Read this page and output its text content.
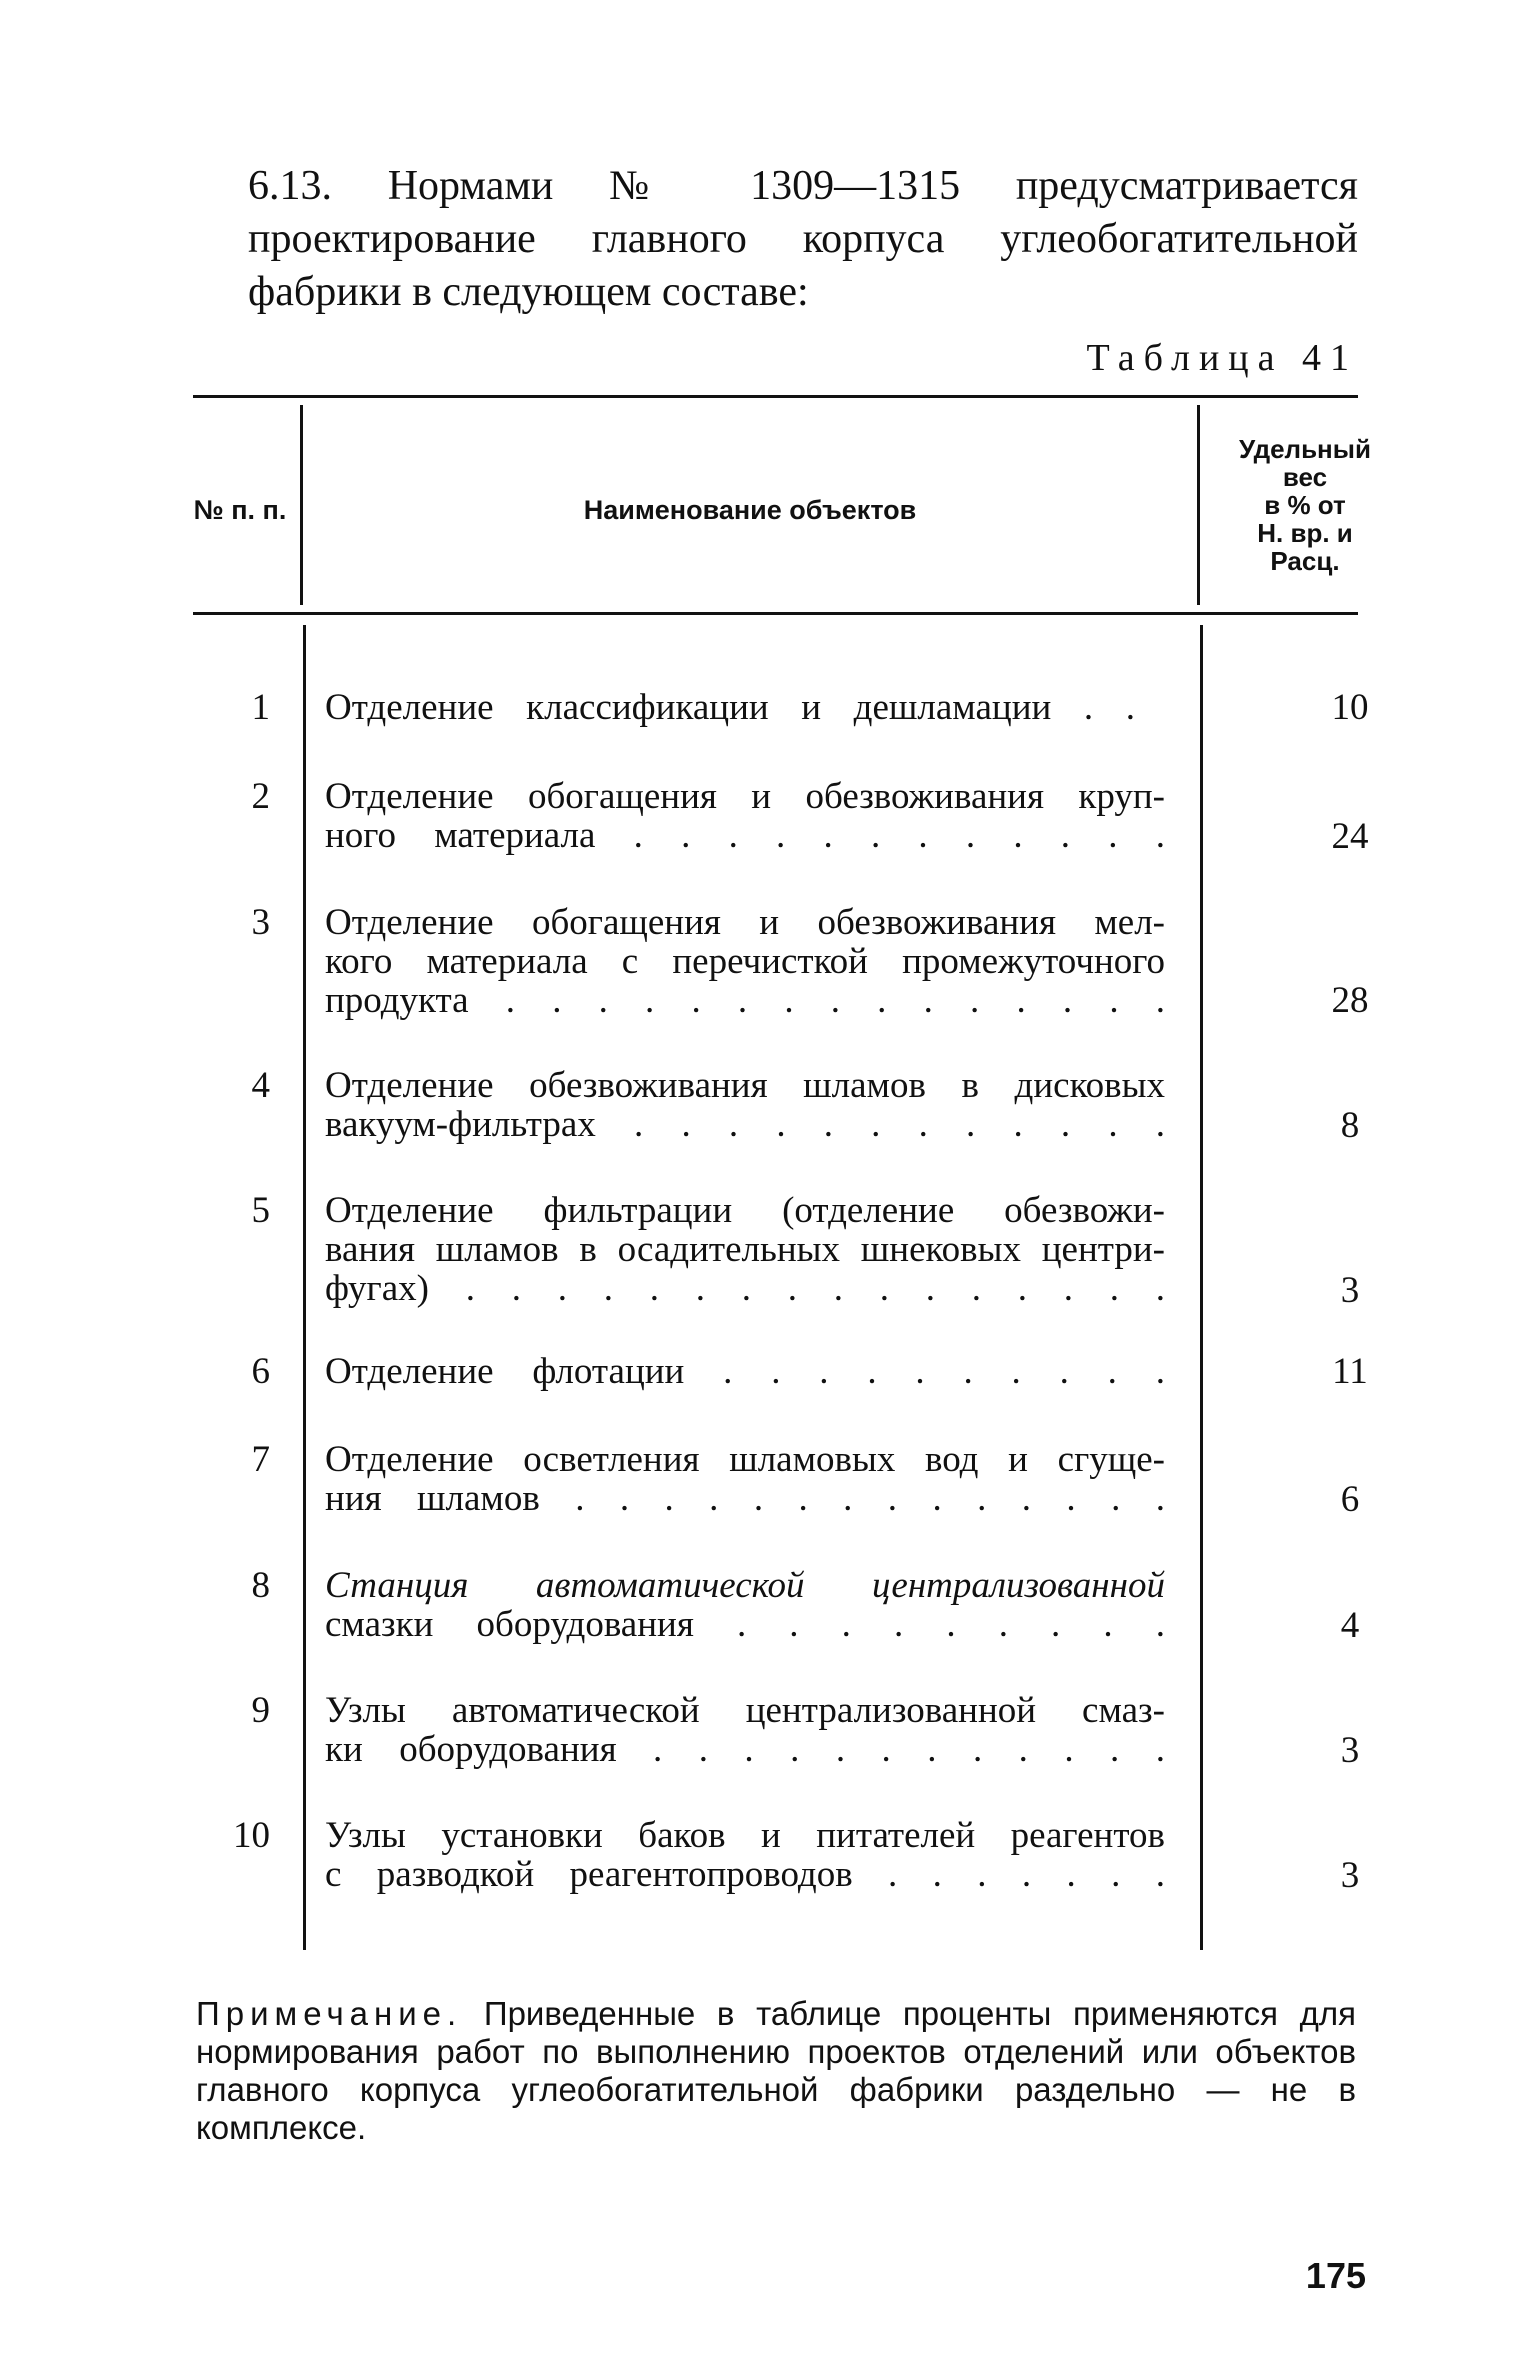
6.13. Нормами № 1309—1315 предусматривается проектирование главного корпуса углеобогатительной фабрики в следующем составе:
Таблица 41
№ п. п.	Наименование объектов
Удельный
вес
в % от
Н. вр. и
Расц.
1 Отделение классификации и дешламации . .	10
2 Отделение обогащения и обезвоживания круп-
ного материала . . . . . . . . . . . .	24
3 Отделение обогащения и обезвоживания мел-
кого материала с перечисткой промежуточного
продукта . . . . . . . . . . . . . . .	28
4 Отделение обезвоживания шламов в дисковых
вакуум-фильтрах . . . . . . . . . . . .	8
5 Отделение фильтрации (отделение обезвожи-
вания шламов в осадительных шнековых центри-
фугах) . . . . . . . . . . . . . . . .	3
6 Отделение флотации . . . . . . . . . .	11
7 Отделение осветления шламовых вод и сгуще-
ния шламов . . . . . . . . . . . . . .	6
8 Станция автоматической централизованной
смазки оборудования . . . . . . . . .	4
9 Узлы автоматической централизованной смаз-
ки оборудования . . . . . . . . . . . .	3
10 Узлы установки баков и питателей реагентов
с разводкой реагентопроводов . . . . . . .	3
Примечание. Приведенные в таблице проценты применяются для нормирования работ по выполнению проектов отделений или объектов главного корпуса углеобогатительной фабрики раздельно — не в комплексе.
175
